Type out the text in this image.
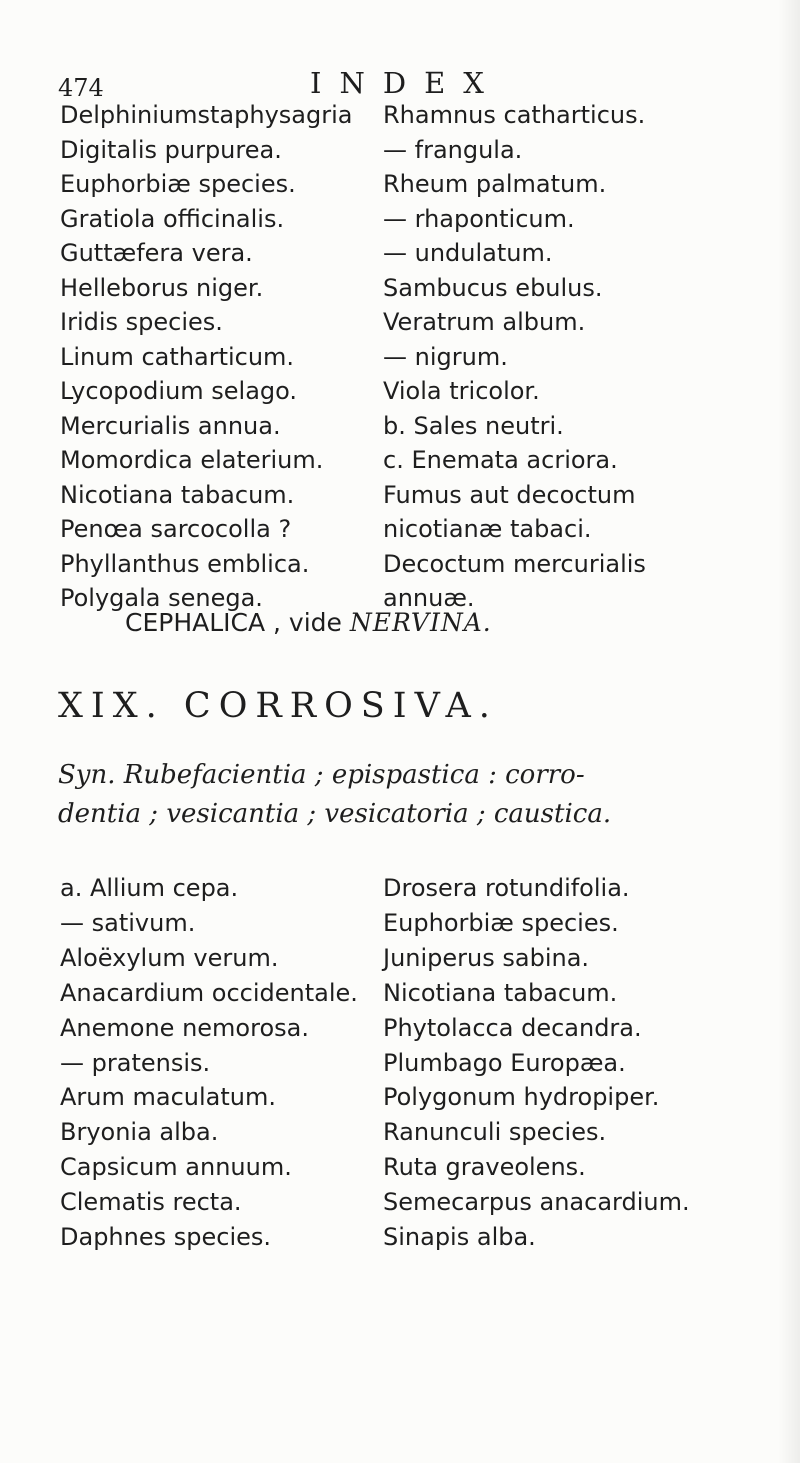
474	INDEX
Delphiniumstaphysagria
Digitalis purpurea.
Euphorbiæ species.
Gratiola officinalis.
Guttæfera vera.
Helleborus niger.
Iridis species.
Linum catharticum.
Lycopodium selago.
Mercurialis annua.
Momordica elaterium.
Nicotiana tabacum.
Penœa sarcocolla ?
Phyllanthus emblica.
Polygala senega.
Rhamnus catharticus.
— frangula.
Rheum palmatum.
— rhaponticum.
— undulatum.
Sambucus ebulus.
Veratrum album.
— nigrum.
Viola tricolor.
b. Sales neutri.
c. Enemata acriora.
Fumus aut decoctum
nicotianæ tabaci.
Decoctum mercurialis
annuæ.
CEPHALICA , vide NERVINA.
XIX. CORROSIVA.
Syn. Rubefacientia ; epispastica : corro-
dentia ; vesicantia ; vesicatoria ; caustica.
a. Allium cepa.
— sativum.
Aloëxylum verum.
Anacardium occidentale.
Anemone nemorosa.
— pratensis.
Arum maculatum.
Bryonia alba.
Capsicum annuum.
Clematis recta.
Daphnes species.
Drosera rotundifolia.
Euphorbiæ species.
Juniperus sabina.
Nicotiana tabacum.
Phytolacca decandra.
Plumbago Europæa.
Polygonum hydropiper.
Ranunculi species.
Ruta graveolens.
Semecarpus anacardium.
Sinapis alba.
